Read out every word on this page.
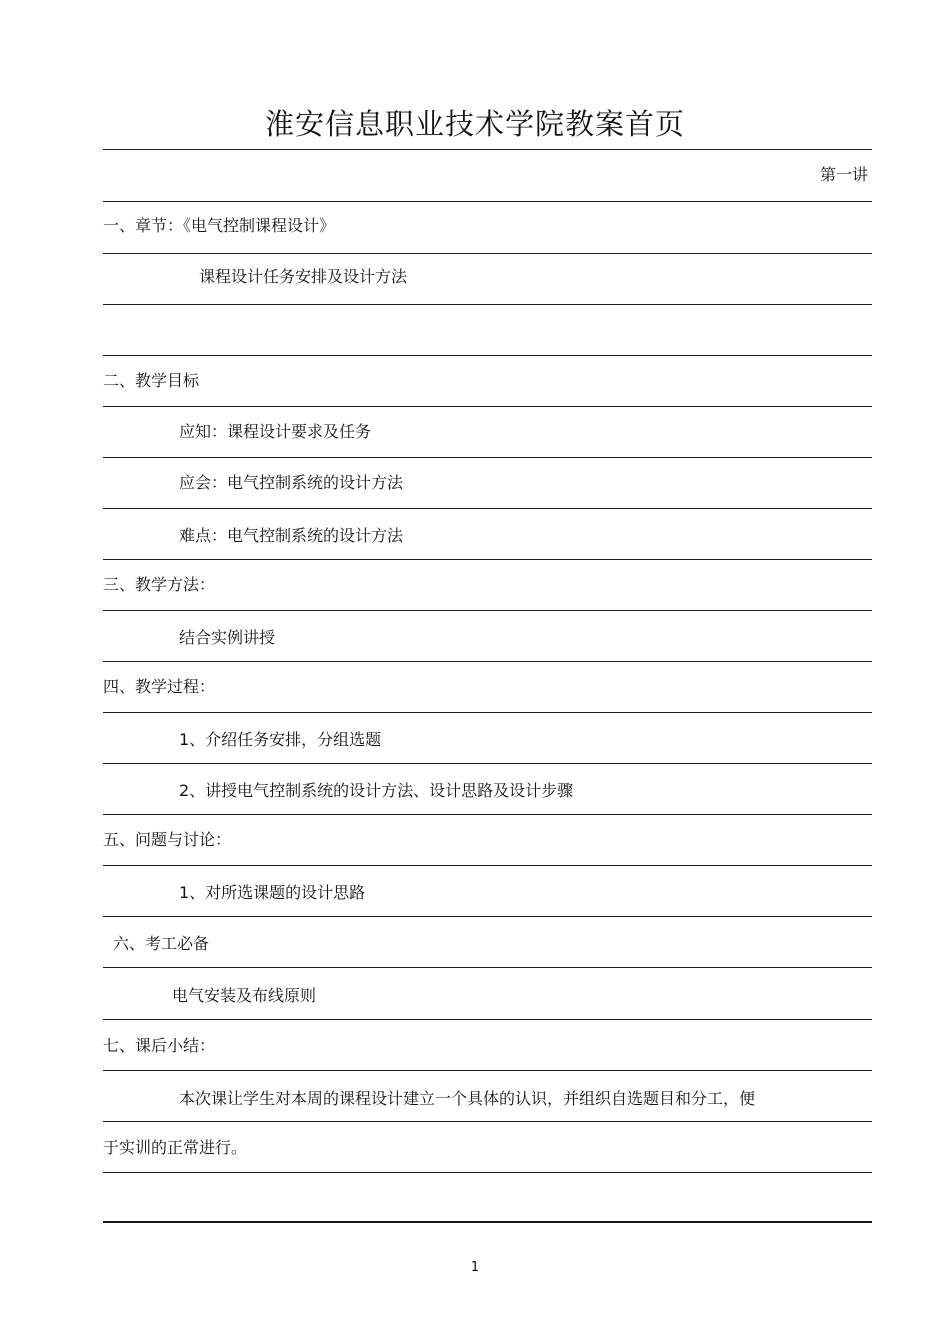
淮安信息职业技术学院教案首页
第一讲
一、章节：《电气控制课程设计》
课程设计任务安排及设计方法
二、教学目标
应知：课程设计要求及任务
应会：电气控制系统的设计方法
难点：电气控制系统的设计方法
三、教学方法：
结合实例讲授
四、教学过程：
1、介绍任务安排，分组选题
2、讲授电气控制系统的设计方法、设计思路及设计步骤
五、问题与讨论：
1、对所选课题的设计思路
六、考工必备
电气安装及布线原则
七、课后小结：
本次课让学生对本周的课程设计建立一个具体的认识，并组织自选题目和分工，便
于实训的正常进行。
1
